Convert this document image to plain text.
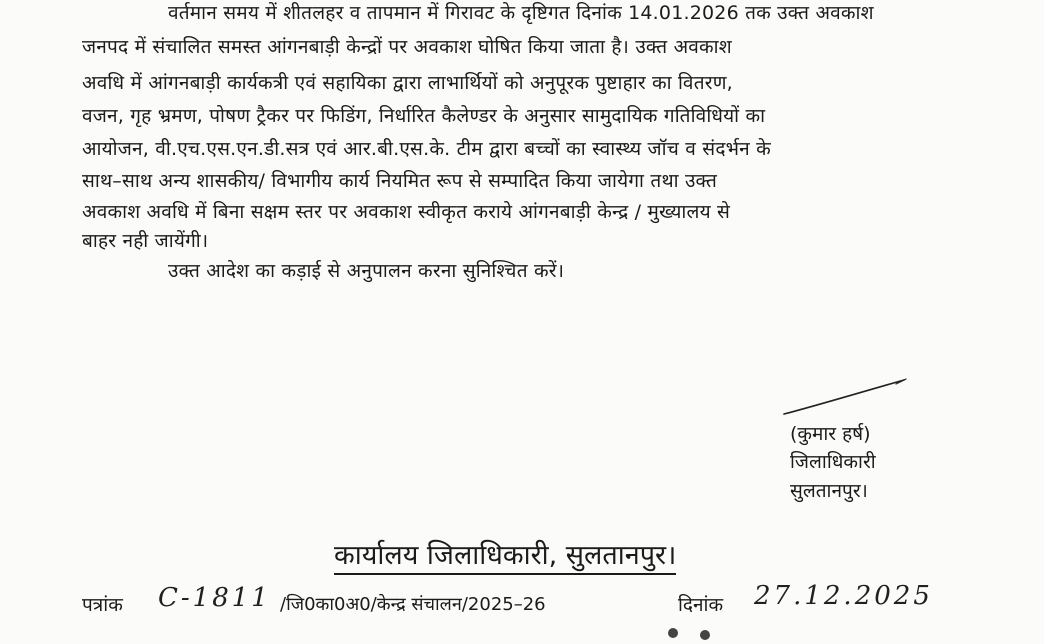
वर्तमान समय में शीतलहर व तापमान में गिरावट के दृष्टिगत दिनांक 14.01.2026 तक उक्त अवकाश
जनपद में संचालित समस्त आंगनबाड़ी केन्द्रों पर अवकाश घोषित किया जाता है। उक्त अवकाश
अवधि में आंगनबाड़ी कार्यकत्री एवं सहायिका द्वारा लाभार्थियों को अनुपूरक पुष्टाहार का वितरण,
वजन, गृह भ्रमण, पोषण ट्रैकर पर फिडिंग, निर्धारित कैलेण्डर के अनुसार सामुदायिक गतिविधियों का
आयोजन, वी.एच.एस.एन.डी.सत्र एवं आर.बी.एस.के. टीम द्वारा बच्चों का स्वास्थ्य जॉच व संदर्भन के
साथ–साथ अन्य शासकीय/ विभागीय कार्य नियमित रूप से सम्पादित किया जायेगा तथा उक्त
अवकाश अवधि में बिना सक्षम स्तर पर अवकाश स्वीकृत कराये आंगनबाड़ी केन्द्र / मुख्यालय से
बाहर नही जायेंगी।
उक्त आदेश का कड़ाई से अनुपालन करना सुनिश्चित करें।
(कुमार हर्ष)
जिलाधिकारी
सुलतानपुर।
कार्यालय जिलाधिकारी, सुलतानपुर।
पत्रांक C-1811 /जि0का0अ0/केन्द्र संचालन/2025–26	दिनांक 27.12.2025
